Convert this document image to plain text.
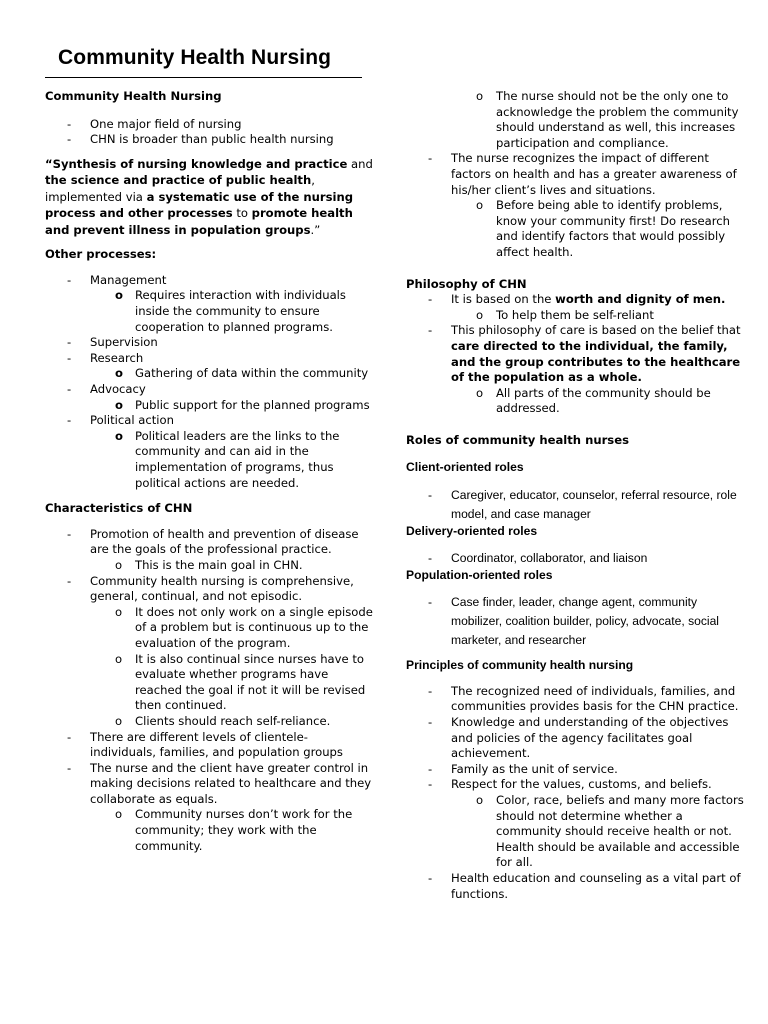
Community Health Nursing

Community Health Nursing

- One major field of nursing
- CHN is broader than public health nursing

“Synthesis of nursing knowledge and practice and the science and practice of public health, implemented via a systematic use of the nursing process and other processes to promote health and prevent illness in population groups.”

Other processes:

- Management
o Requires interaction with individuals inside the community to ensure cooperation to planned programs.
- Supervision
- Research
o Gathering of data within the community
- Advocacy
o Public support for the planned programs
- Political action
o Political leaders are the links to the community and can aid in the implementation of programs, thus political actions are needed.

Characteristics of CHN

- Promotion of health and prevention of disease are the goals of the professional practice.
o This is the main goal in CHN.
- Community health nursing is comprehensive, general, continual, and not episodic.
o It does not only work on a single episode of a problem but is continuous up to the evaluation of the program.
o It is also continual since nurses have to evaluate whether programs have reached the goal if not it will be revised then continued.
o Clients should reach self-reliance.
- There are different levels of clientele- individuals, families, and population groups
- The nurse and the client have greater control in making decisions related to healthcare and they collaborate as equals.
o Community nurses don’t work for the community; they work with the community.
o The nurse should not be the only one to acknowledge the problem the community should understand as well, this increases participation and compliance.
- The nurse recognizes the impact of different factors on health and has a greater awareness of his/her client’s lives and situations.
o Before being able to identify problems, know your community first! Do research and identify factors that would possibly affect health.

Philosophy of CHN

- It is based on the worth and dignity of men.
o To help them be self-reliant
- This philosophy of care is based on the belief that care directed to the individual, the family, and the group contributes to the healthcare of the population as a whole.
o All parts of the community should be addressed.

Roles of community health nurses

Client-oriented roles

- Caregiver, educator, counselor, referral resource, role model, and case manager

Delivery-oriented roles

- Coordinator, collaborator, and liaison

Population-oriented roles

- Case finder, leader, change agent, community mobilizer, coalition builder, policy, advocate, social marketer, and researcher

Principles of community health nursing

- The recognized need of individuals, families, and communities provides basis for the CHN practice.
- Knowledge and understanding of the objectives and policies of the agency facilitates goal achievement.
- Family as the unit of service.
- Respect for the values, customs, and beliefs.
o Color, race, beliefs and many more factors should not determine whether a community should receive health or not. Health should be available and accessible for all.
- Health education and counseling as a vital part of functions.
